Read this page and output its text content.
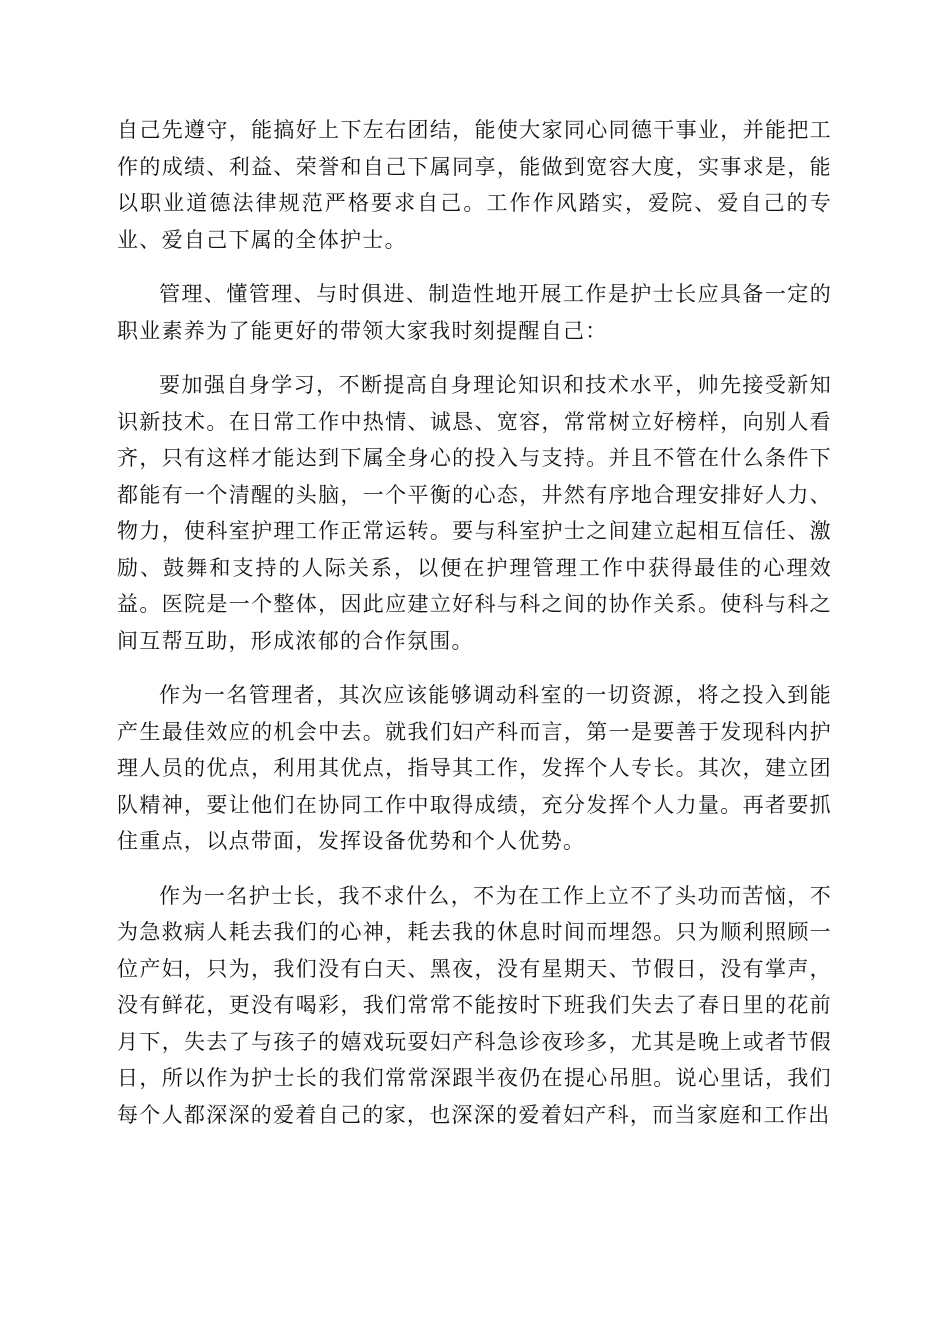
自己先遵守，能搞好上下左右团结，能使大家同心同德干事业，并能把工作的成绩、利益、荣誉和自己下属同享，能做到宽容大度，实事求是，能以职业道德法律规范严格要求自己。工作作风踏实，爱院、爱自己的专业、爱自己下属的全体护士。

管理、懂管理、与时俱进、制造性地开展工作是护士长应具备一定的职业素养为了能更好的带领大家我时刻提醒自己：

要加强自身学习，不断提高自身理论知识和技术水平，帅先接受新知识新技术。在日常工作中热情、诚恳、宽容，常常树立好榜样，向别人看齐，只有这样才能达到下属全身心的投入与支持。并且不管在什么条件下都能有一个清醒的头脑，一个平衡的心态，井然有序地合理安排好人力、物力，使科室护理工作正常运转。要与科室护士之间建立起相互信任、激励、鼓舞和支持的人际关系，以便在护理管理工作中获得最佳的心理效益。医院是一个整体，因此应建立好科与科之间的协作关系。使科与科之间互帮互助，形成浓郁的合作氛围。

作为一名管理者，其次应该能够调动科室的一切资源，将之投入到能产生最佳效应的机会中去。就我们妇产科而言，第一是要善于发现科内护理人员的优点，利用其优点，指导其工作，发挥个人专长。其次，建立团队精神，要让他们在协同工作中取得成绩，充分发挥个人力量。再者要抓住重点，以点带面，发挥设备优势和个人优势。

作为一名护士长，我不求什么，不为在工作上立不了头功而苦恼，不为急救病人耗去我们的心神，耗去我的休息时间而埋怨。只为顺利照顾一位产妇，只为，我们没有白天、黑夜，没有星期天、节假日，没有掌声，没有鲜花，更没有喝彩，我们常常不能按时下班我们失去了春日里的花前月下，失去了与孩子的嬉戏玩耍妇产科急诊夜珍多，尤其是晚上或者节假日，所以作为护士长的我们常常深跟半夜仍在提心吊胆。说心里话，我们每个人都深深的爱着自己的家，也深深的爱着妇产科，而当家庭和工作出
